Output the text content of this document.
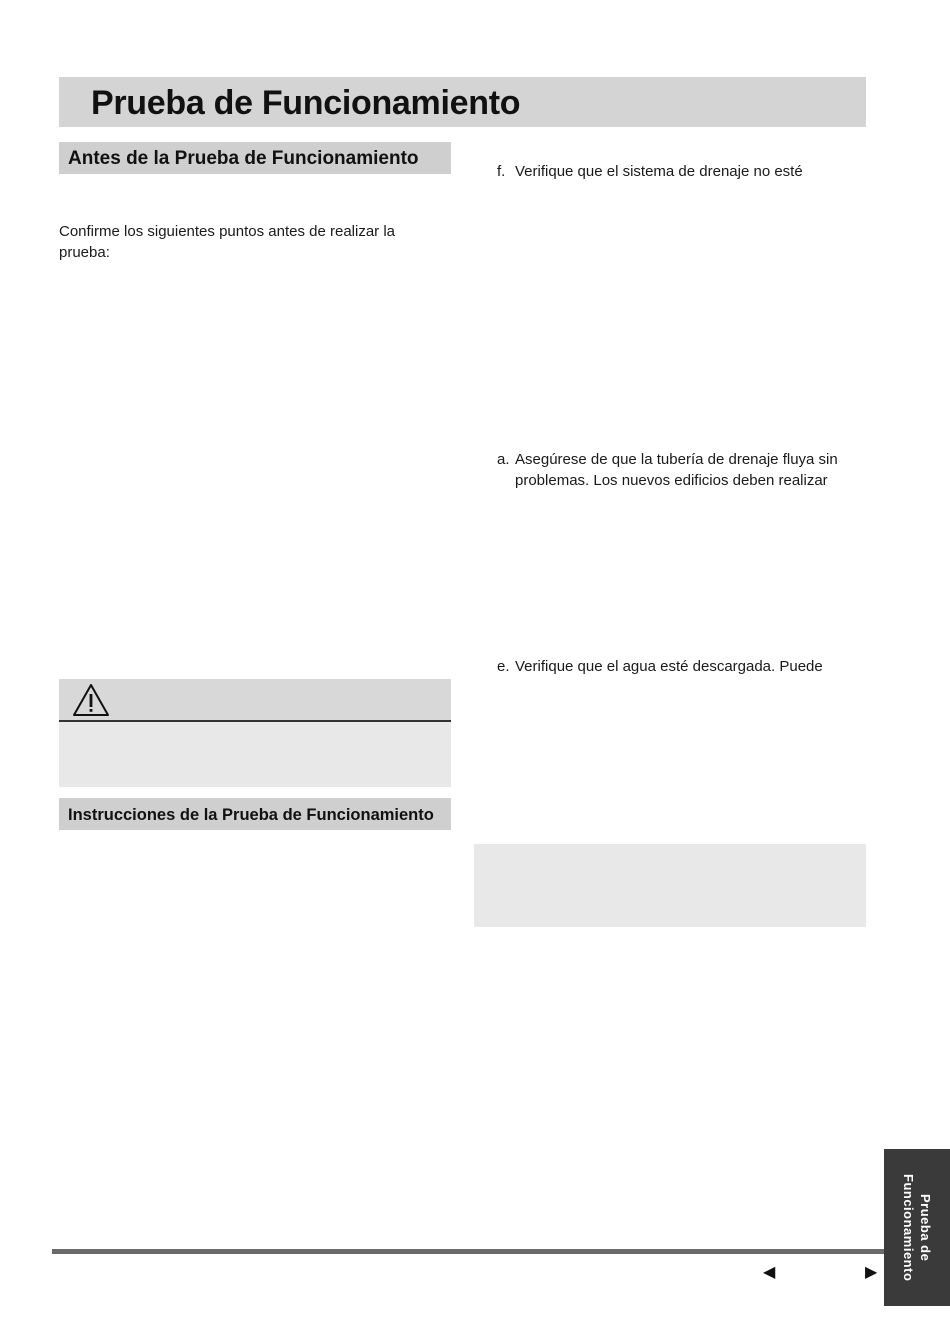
Prueba de Funcionamiento
Antes de la Prueba de Funcionamiento
Confirme los siguientes puntos antes de realizar la
prueba:
Instrucciones de la Prueba de Funcionamiento
f. Verifique que el sistema de drenaje no esté
a. Asegúrese de que la tubería de drenaje fluya sin
problemas. Los nuevos edificios deben realizar
e. Verifique que el agua esté descargada. Puede
◀	▶
Prueba de
Funcionamiento
